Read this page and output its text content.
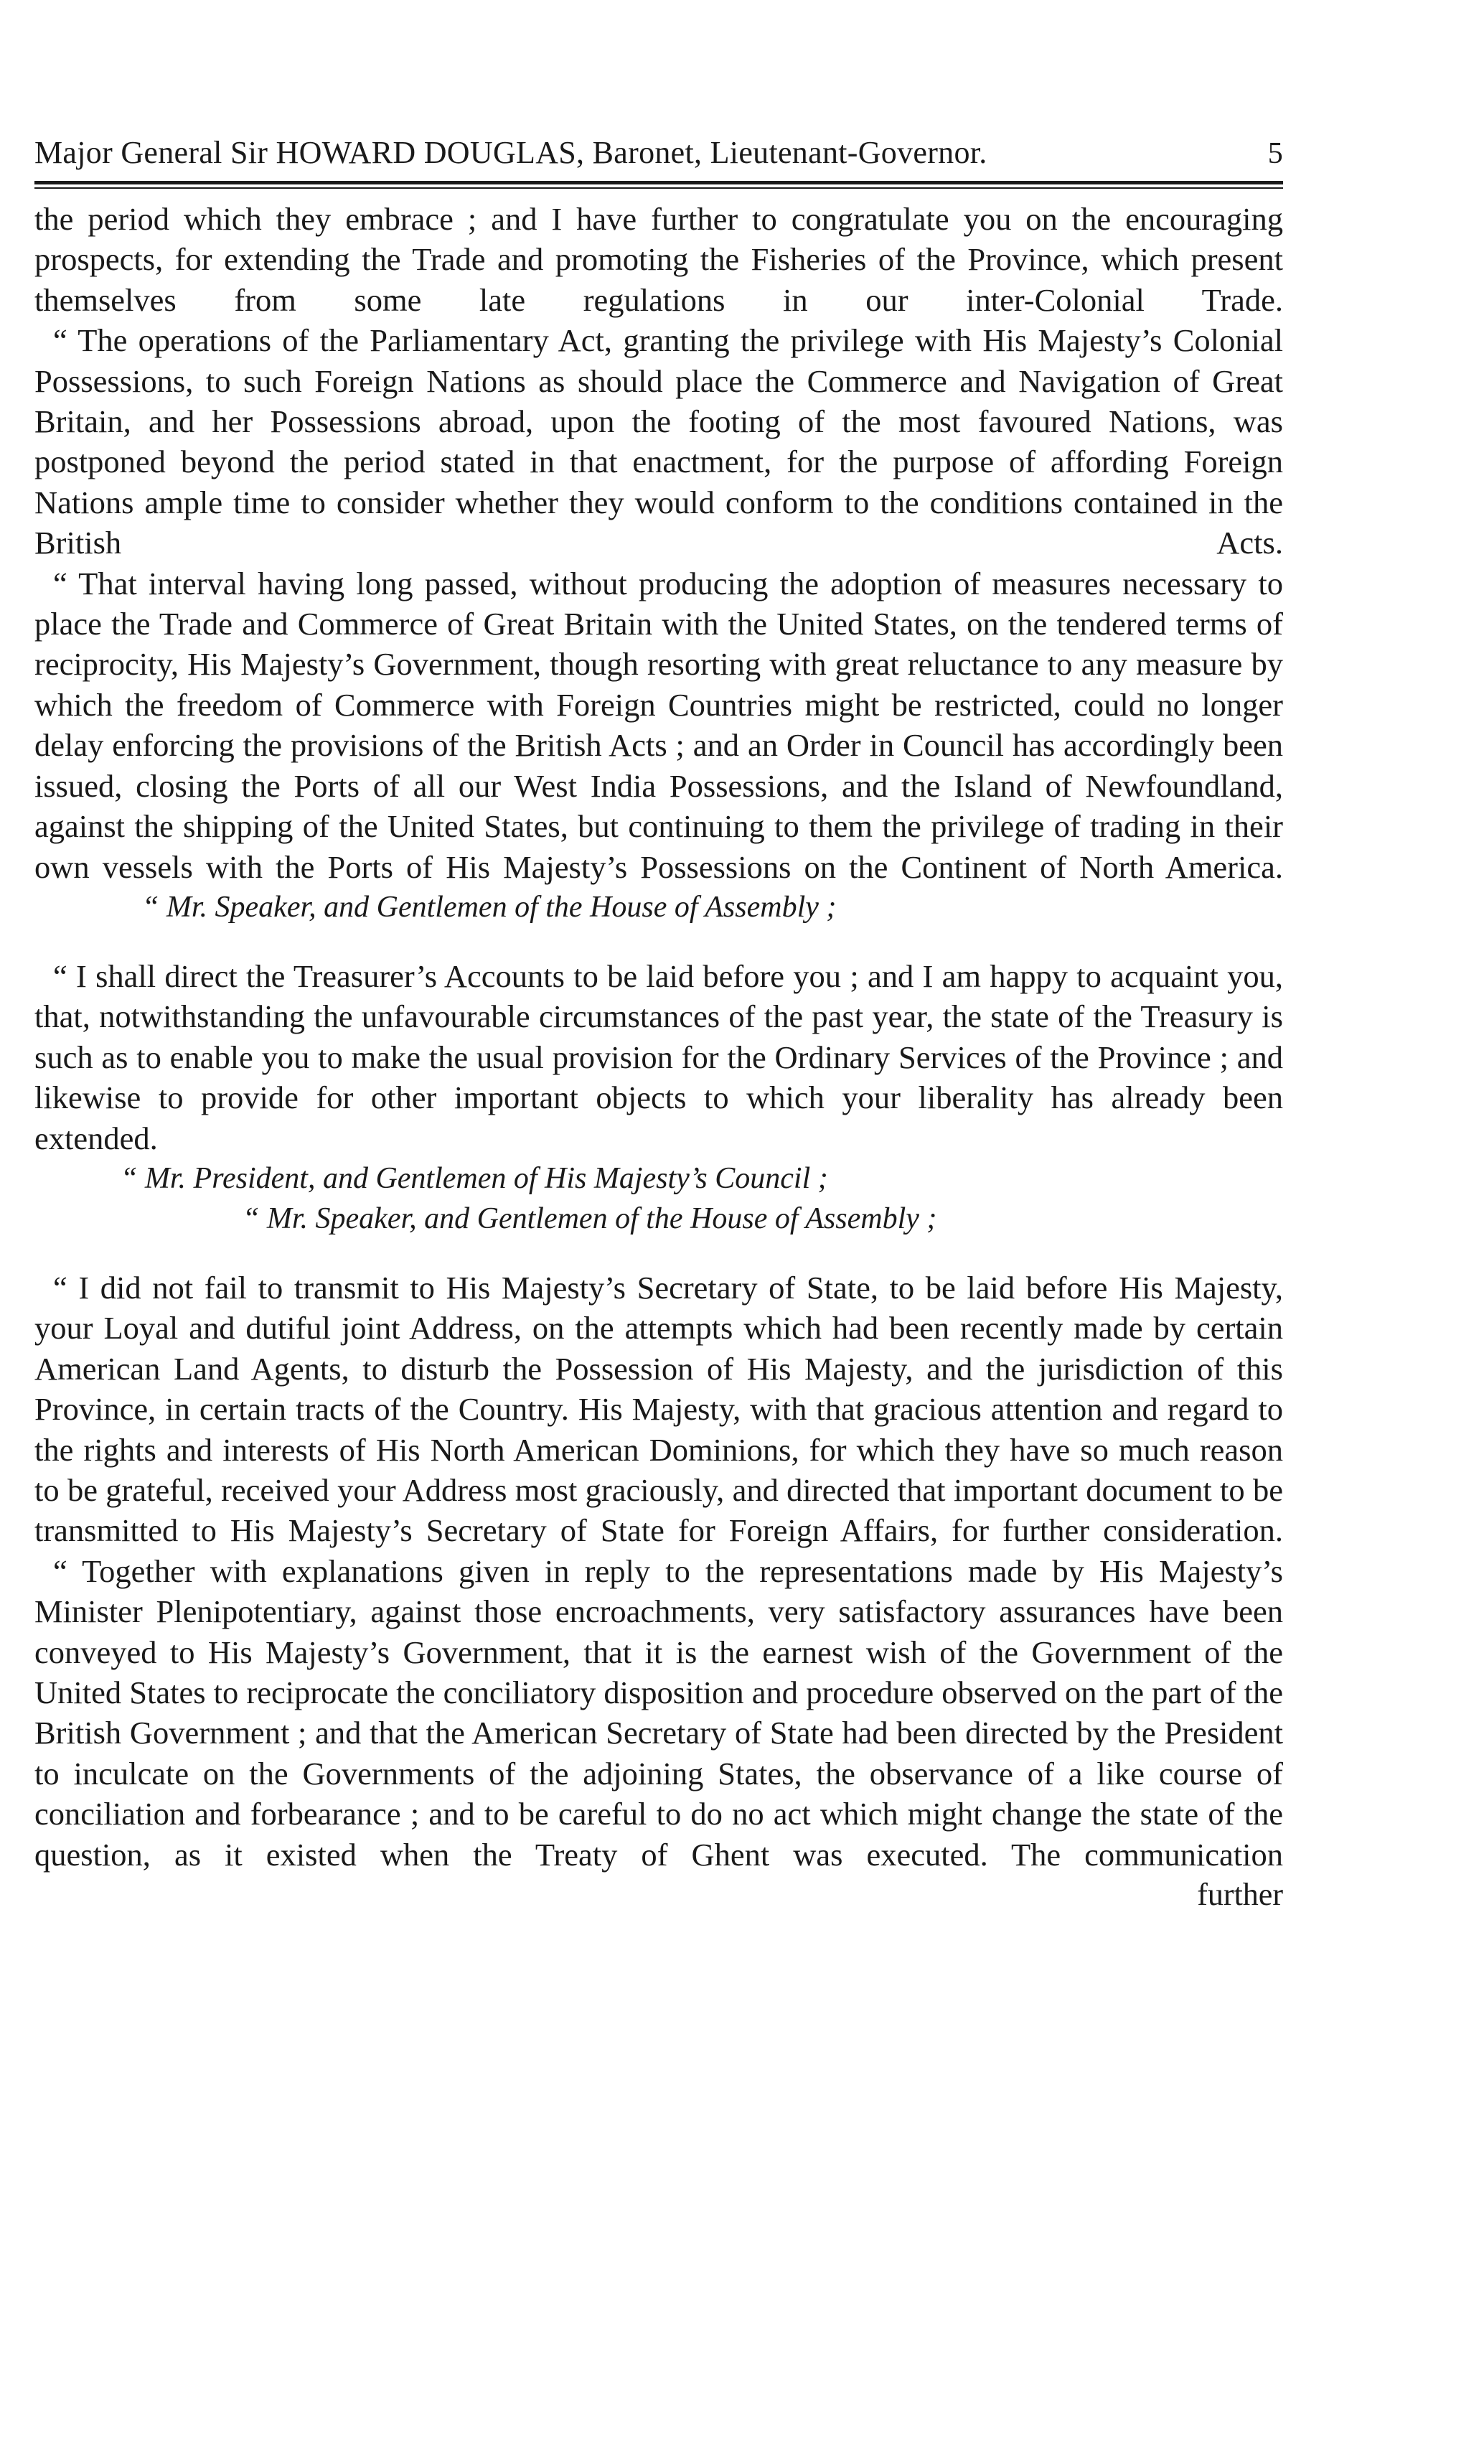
Major General Sir HOWARD DOUGLAS, Baronet, Lieutenant-Governor.	5

the period which they embrace ; and I have further to congratulate you on the encouraging prospects, for extending the Trade and promoting the Fisheries of the Province, which present themselves from some late regulations in our inter-Colonial Trade.

“ The operations of the Parliamentary Act, granting the privilege with His Majesty’s Colonial Possessions, to such Foreign Nations as should place the Commerce and Navigation of Great Britain, and her Possessions abroad, upon the footing of the most favoured Nations, was postponed beyond the period stated in that enactment, for the purpose of affording Foreign Nations ample time to consider whether they would conform to the conditions contained in the British Acts.

“ That interval having long passed, without producing the adoption of measures necessary to place the Trade and Commerce of Great Britain with the United States, on the tendered terms of reciprocity, His Majesty’s Government, though resorting with great reluctance to any measure by which the freedom of Commerce with Foreign Countries might be restricted, could no longer delay enforcing the provisions of the British Acts ; and an Order in Council has accordingly been issued, closing the Ports of all our West India Possessions, and the Island of Newfoundland, against the shipping of the United States, but continuing to them the privilege of trading in their own vessels with the Ports of His Majesty’s Possessions on the Continent of North America.

“ Mr. Speaker, and Gentlemen of the House of Assembly ;

“ I shall direct the Treasurer’s Accounts to be laid before you ; and I am happy to acquaint you, that, notwithstanding the unfavourable circumstances of the past year, the state of the Treasury is such as to enable you to make the usual provision for the Ordinary Services of the Province ; and likewise to provide for other important objects to which your liberality has already been extended.

“ Mr. President, and Gentlemen of His Majesty’s Council ;

“ Mr. Speaker, and Gentlemen of the House of Assembly ;

“ I did not fail to transmit to His Majesty’s Secretary of State, to be laid before His Majesty, your Loyal and dutiful joint Address, on the attempts which had been recently made by certain American Land Agents, to disturb the Possession of His Majesty, and the jurisdiction of this Province, in certain tracts of the Country. His Majesty, with that gracious attention and regard to the rights and interests of His North American Dominions, for which they have so much reason to be grateful, received your Address most graciously, and directed that important document to be transmitted to His Majesty’s Secretary of State for Foreign Affairs, for further consideration.

“ Together with explanations given in reply to the representations made by His Majesty’s Minister Plenipotentiary, against those encroachments, very satisfactory assurances have been conveyed to His Majesty’s Government, that it is the earnest wish of the Government of the United States to reciprocate the conciliatory disposition and procedure observed on the part of the British Government ; and that the American Secretary of State had been directed by the President to inculcate on the Governments of the adjoining States, the observance of a like course of conciliation and forbearance ; and to be careful to do no act which might change the state of the question, as it existed when the Treaty of Ghent was executed. The communication

further
